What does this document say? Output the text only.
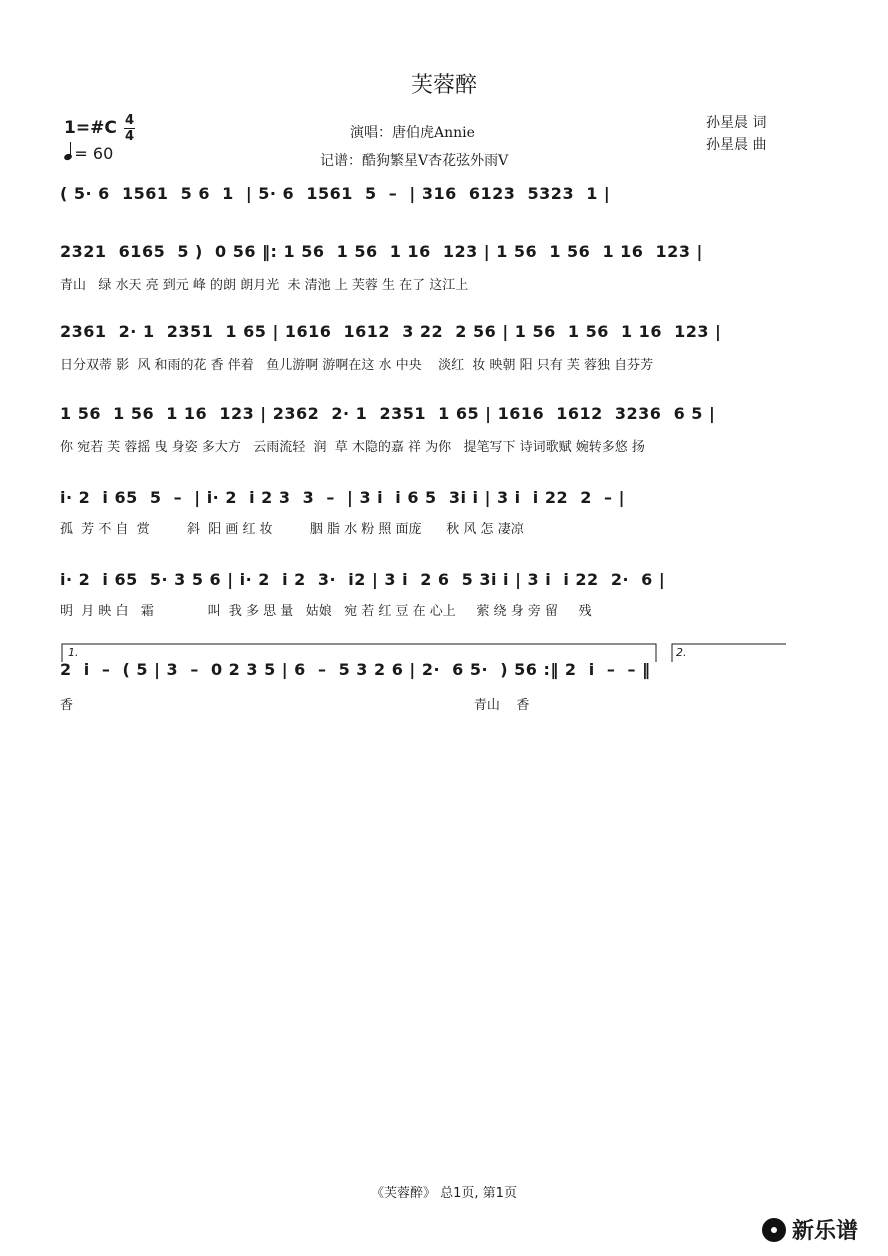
芙蓉醉
1=#C 4
4
= 60
演唱：唐伯虎Annie
记谱：酷狗繁星V杏花弦外雨V
孙星晨 词
孙星晨 曲
( 5· 6  1561  5 6  1  | 5· 6  1561  5  –  | 316  6123  5323  1 |
2321  6165  5 )  0 56 ‖: 1 56  1 56  1 16  123 | 1 56  1 56  1 16  123 |
青山   绿 水天 亮 到元 峰 的朗 朗月光  未 清池 上 芙蓉 生 在了 这江上
2361  2· 1  2351  1 65 | 1616  1612  3 22  2 56 | 1 56  1 56  1 16  123 |
日分双蒂 影  风 和雨的花 香 伴着   鱼儿游啊 游啊在这 水 中央    淡红  妆 映朝 阳 只有 芙 蓉独 自芬芳
1 56  1 56  1 16  123 | 2362  2· 1  2351  1 65 | 1616  1612  3236  6 5 |
你 宛若 芙 蓉摇 曳 身姿 多大方   云雨流轻  润  草 木隐的嘉 祥 为你   提笔写下 诗词歌赋 婉转多悠 扬
i· 2  i 65  5  –  | i· 2  i 2 3  3  –  | 3 i  i 6 5  3i i | 3 i  i 22  2  – |
孤  芳 不 自  赏         斜  阳 画 红 妆         胭 脂 水 粉 照 面庞      秋 风 怎 凄凉
i· 2  i 65  5· 3 5 6 | i· 2  i 2  3·  i2 | 3 i  2 6  5 3i i | 3 i  i 22  2·  6 |
明  月 映 白   霜             叫  我 多 思 量   姑娘   宛 若 红 豆 在 心上     萦 绕 身 旁 留     残
2  i  –  ( 5 | 3  –  0 2 3 5 | 6  –  5 3 2 6 | 2·  6 5·  ) 56 :‖ 2  i  –  – ‖
香                                                                                                 青山    香
1.	2.
《芙蓉醉》 总1页, 第1页
新乐谱
